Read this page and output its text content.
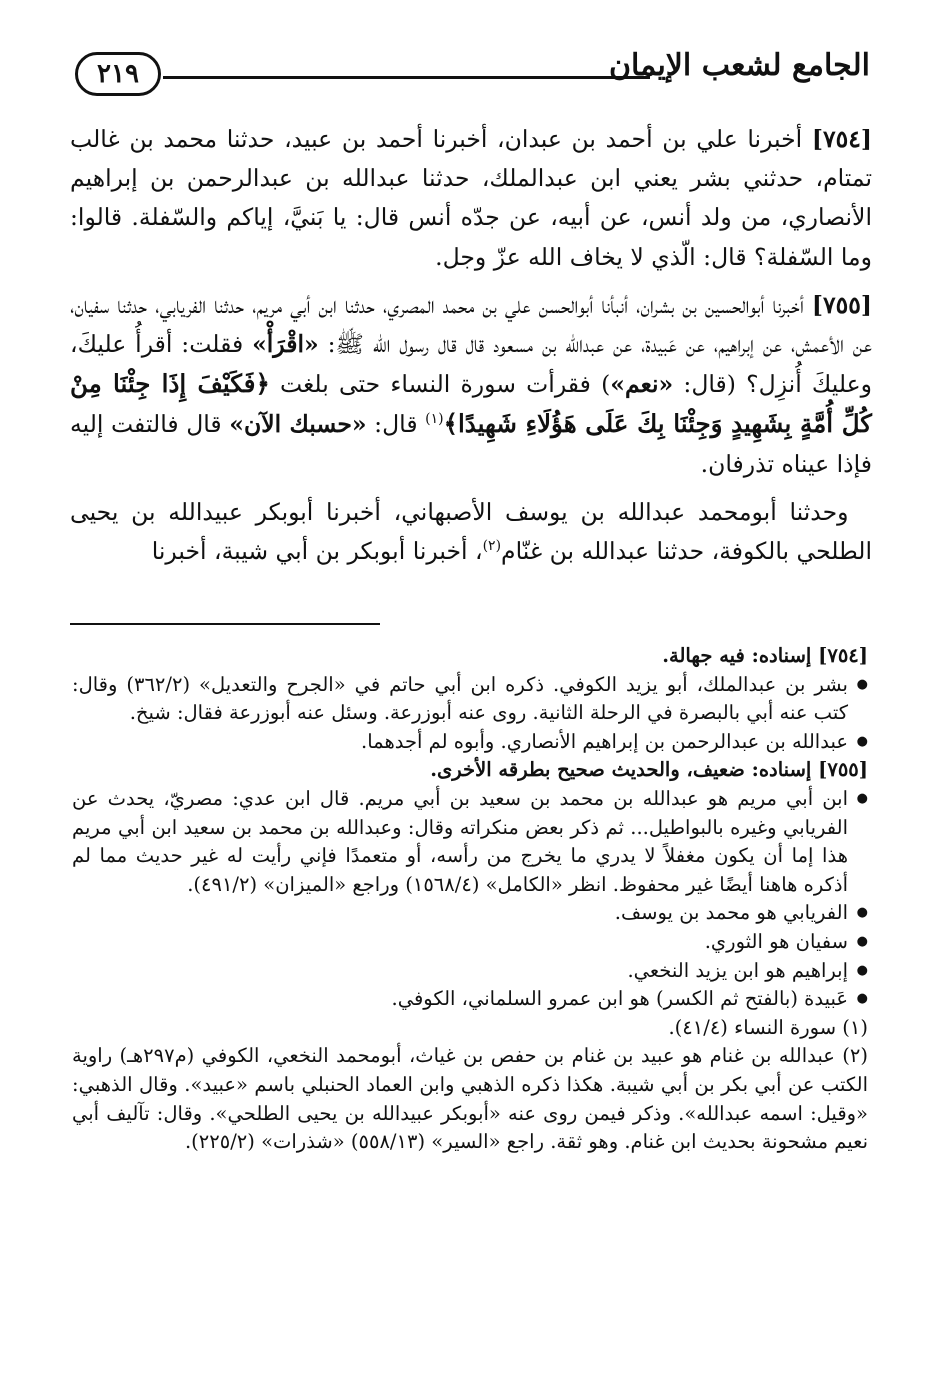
الجامع لشعب الإيمان
٢١٩

[٧٥٤] أخبرنا علي بن أحمد بن عبدان، أخبرنا أحمد بن عبيد، حدثنا محمد بن غالب تمتام، حدثني بشر يعني ابن عبدالملك، حدثنا عبدالله بن عبدالرحمن بن إبراهيم الأنصاري، من ولد أنس، عن أبيه، عن جدّه أنس قال: يا بَنيَّ، إياكم والسّفلة. قالوا: وما السّفلة؟ قال: الّذي لا يخاف الله عزّ وجل.

[٧٥٥] أخبرنا أبوالحسين بن بشران، أنبأنا أبوالحسن علي بن محمد المصري، حدثنا ابن أبي مريم، حدثنا الفريابي، حدثنا سفيان، عن الأعمش، عن إبراهيم، عن عَبيدة، عن عبدالله بن مسعود قال قال رسول الله ﷺ: «اقْرَأْ» فقلت: أقرأُ عليكَ، وعليكَ أُنزِل؟ (قال: «نعم») فقرأت سورة النساء حتى بلغت ﴿فَكَيْفَ إِذَا جِئْنَا مِنْ كُلِّ أُمَّةٍ بِشَهِيدٍ وَجِئْنَا بِكَ عَلَى هَؤُلَاءِ شَهِيدًا﴾$^{(١)}$ قال: «حسبك الآن» قال فالتفت إليه فإذا عيناه تذرفان.

 وحدثنا أبومحمد عبدالله بن يوسف الأصبهاني، أخبرنا أبوبكر عبيدالله بن يحيى الطلحي بالكوفة، حدثنا عبدالله بن غنّام$^{(٢)}$، أخبرنا أبوبكر بن أبي شيبة، أخبرنا

[٧٥٤] إسناده: فيه جهالة.

● بشر بن عبدالملك، أبو يزيد الكوفي. ذكره ابن أبي حاتم في «الجرح والتعديل» (٣٦٢/٢) وقال: كتب عنه أبي بالبصرة في الرحلة الثانية. روى عنه أبوزرعة. وسئل عنه أبوزرعة فقال: شيخ.

● عبدالله بن عبدالرحمن بن إبراهيم الأنصاري. وأبوه لم أجدهما.

[٧٥٥] إسناده: ضعيف، والحديث صحيح بطرقه الأخرى.

● ابن أبي مريم هو عبدالله بن محمد بن سعيد بن أبي مريم. قال ابن عدي: مصريّ، يحدث عن الفريابي وغيره بالبواطيل... ثم ذكر بعض منكراته وقال: وعبدالله بن محمد بن سعيد ابن أبي مريم هذا إما أن يكون مغفلاً لا يدري ما يخرج من رأسه، أو متعمدًا فإني رأيت له غير حديث مما لم أذكره هاهنا أيضًا غير محفوظ. انظر «الكامل» (١٥٦٨/٤) وراجع «الميزان» (٤٩١/٢).

● الفريابي هو محمد بن يوسف.

● سفيان هو الثوري.

● إبراهيم هو ابن يزيد النخعي.

● عَبيدة (بالفتح ثم الكسر) هو ابن عمرو السلماني، الكوفي.

(١) سورة النساء (٤١/٤).

(٢) عبدالله بن غنام هو عبيد بن غنام بن حفص بن غياث، أبومحمد النخعي، الكوفي (م٢٩٧هـ) راوية الكتب عن أبي بكر بن أبي شيبة. هكذا ذكره الذهبي وابن العماد الحنبلي باسم «عبيد». وقال الذهبي: «وقيل: اسمه عبدالله». وذكر فيمن روى عنه «أبوبكر عبيدالله بن يحيى الطلحي». وقال: تآليف أبي نعيم مشحونة بحديث ابن غنام. وهو ثقة. راجع «السير» (٥٥٨/١٣) «شذرات» (٢٢٥/٢).
